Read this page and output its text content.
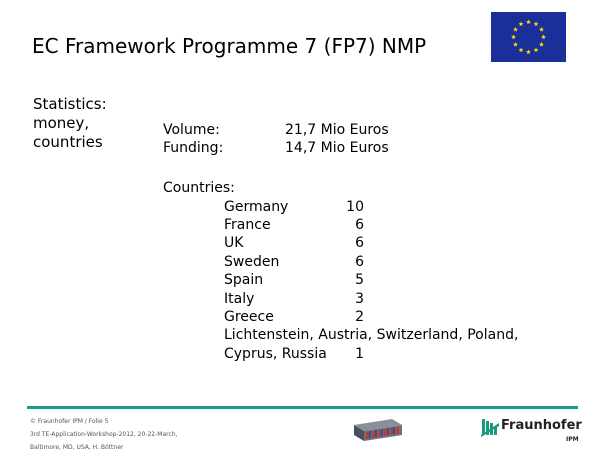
EC Framework Programme 7 (FP7) NMP
Statistics:
money,
countries
Volume:	21,7 Mio Euros
Funding:	14,7 Mio Euros
Countries:
Germany	10
France	6
UK	6
Sweden	6
Spain	5
Italy	3
Greece	2
Lichtenstein, Austria, Switzerland, Poland,
Cyprus, Russia	1
© Fraunhofer IPM / Folie 5
3rd TE-Application-Workshop-2012, 20-22-March,
Baltimore, MD, USA, H. Böttner
Fraunhofer
IPM
